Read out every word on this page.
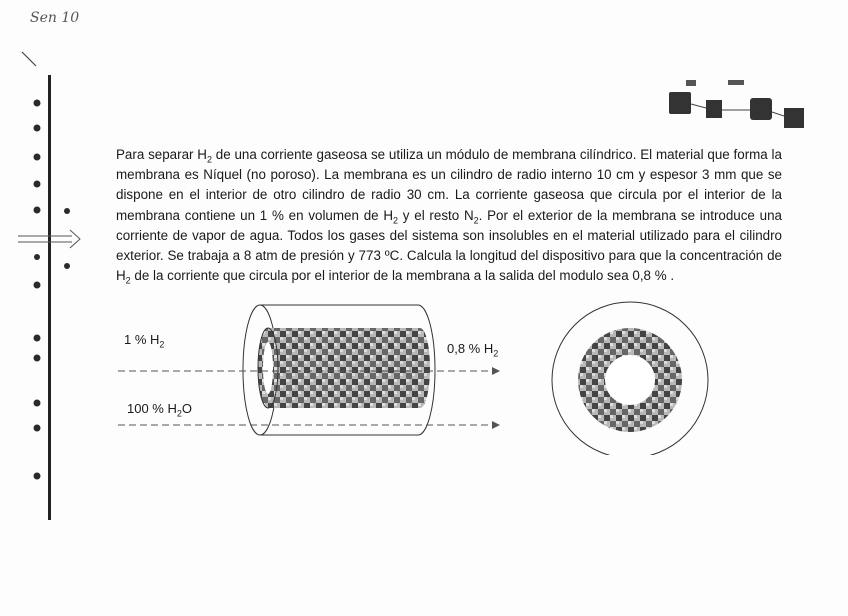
Sen 10

Para separar $H_2$ de una corriente gaseosa se utiliza un módulo de membrana cilíndrico. El material que forma la membrana es Níquel (no poroso). La membrana es un cilindro de radio interno 10 cm y espesor 3 mm que se dispone en el interior de otro cilindro de radio 30 cm. La corriente gaseosa que circula por el interior de la membrana contiene un 1 % en volumen de $H_2$ y el resto $N_2$. Por el exterior de la membrana se introduce una corriente de vapor de agua. Todos los gases del sistema son insolubles en el material utilizado para el cilindro exterior. Se trabaja a 8 atm de presión y 773 ºC. Calcula la longitud del dispositivo para que la concentración de $H_2$ de la corriente que circula por el interior de la membrana a la salida del modulo sea 0,8 % .

1 % $H_2$	0,8 % $H_2$
100 % $H_2O$
